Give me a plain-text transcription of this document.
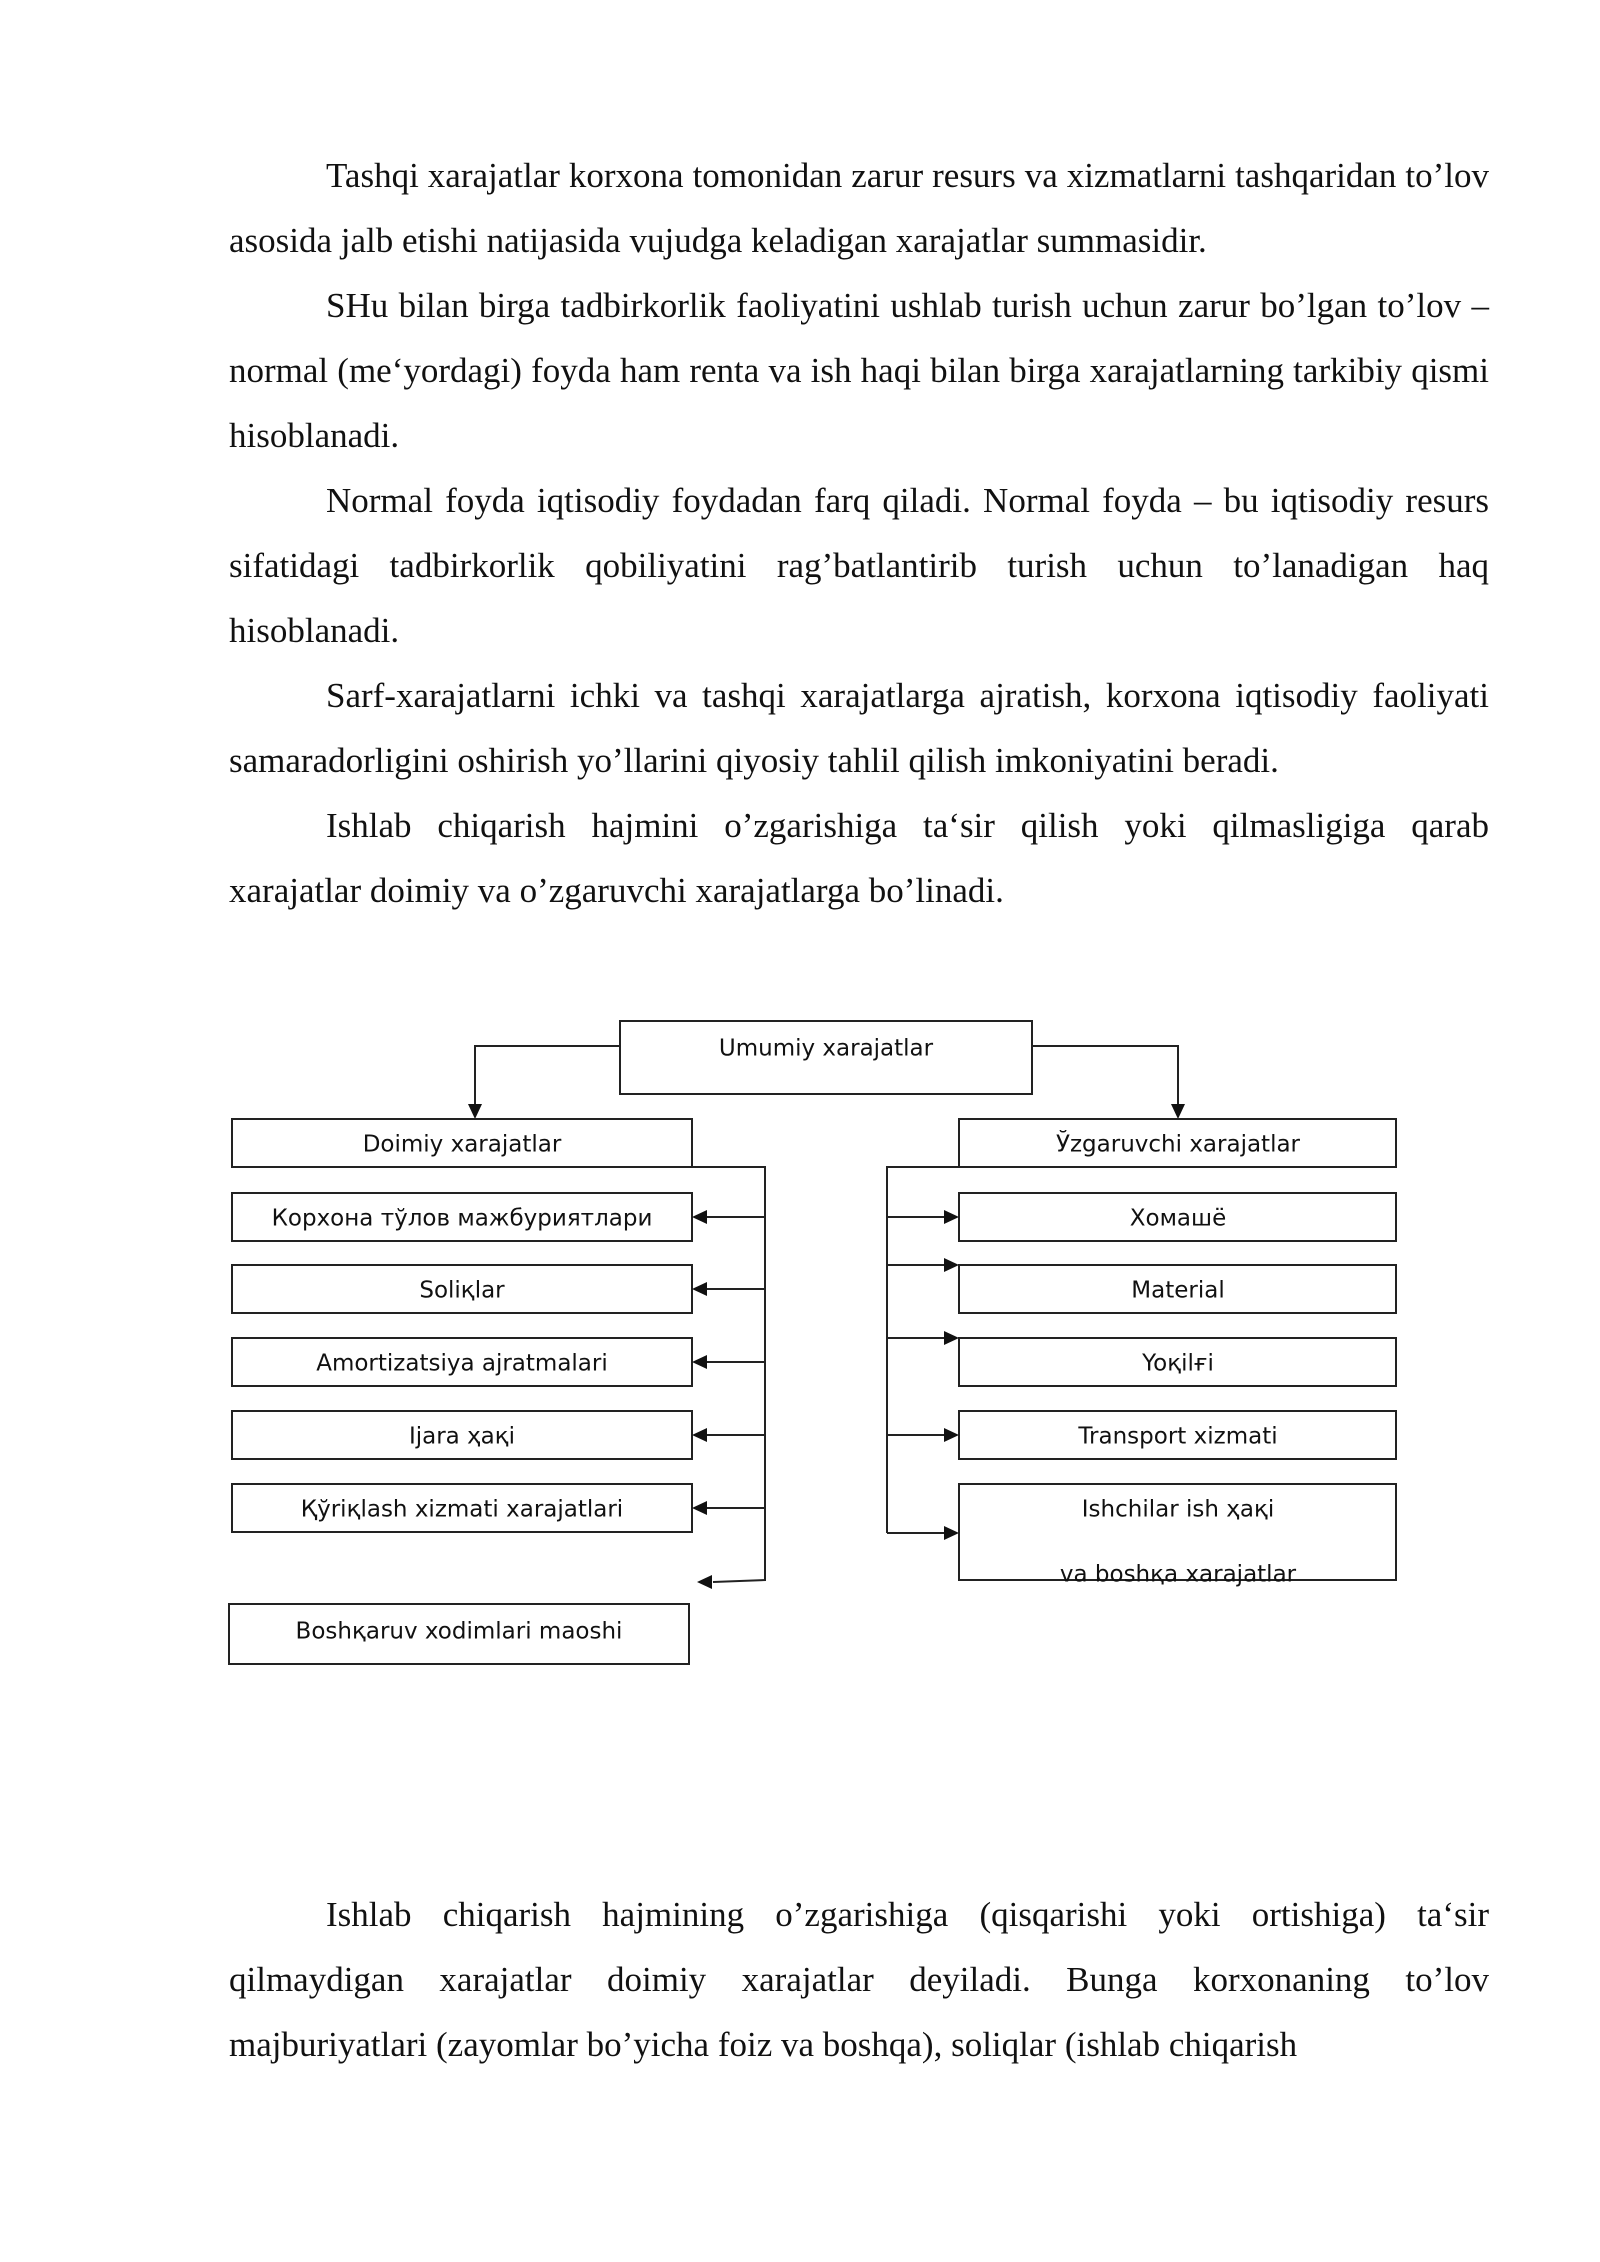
Tashqi xarajatlar korxona tomonidan zarur resurs va xizmatlarni tashqaridan to’lov asosida jalb etishi natijasida vujudga keladigan xarajatlar summasidir.

SHu bilan birga tadbirkorlik faoliyatini ushlab turish uchun zarur bo’lgan to’lov – normal (me‘yordagi) foyda ham renta va ish haqi bilan birga xarajatlarning tarkibiy qismi hisoblanadi.

Normal foyda iqtisodiy foydadan farq qiladi. Normal foyda – bu iqtisodiy resurs sifatidagi tadbirkorlik qobiliyatini rag’batlantirib turish uchun to’lanadigan haq hisoblanadi.

Sarf-xarajatlarni ichki va tashqi xarajatlarga ajratish, korxona iqtisodiy faoliyati samaradorligini oshirish yo’llarini qiyosiy tahlil qilish imkoniyatini beradi.

Ishlab chiqarish hajmini o’zgarishiga ta‘sir qilish yoki qilmasligiga qarab xarajatlar doimiy va o’zgaruvchi xarajatlarga bo’linadi.

Umumiy xarajatlar
Doimiy xarajatlar	Ўzgaruvchi xarajatlar
Корхона тўлов мажбуриятлари
Soliқlar
Amortizatsiya ajratmalari
Ijara ҳaқi
Қўriқlash xizmati xarajatlari
Boshқaruv xodimlari maoshi
Хомашё
Material
Yoқilғi
Transport xizmati
Ishchilar ish ҳaқi
va boshқa xarajatlar

Ishlab chiqarish hajmining o’zgarishiga (qisqarishi yoki ortishiga) ta‘sir qilmaydigan xarajatlar doimiy xarajatlar deyiladi. Bunga korxonaning to’lov majburiyatlari (zayomlar bo’yicha foiz va boshqa), soliqlar (ishlab chiqarish
